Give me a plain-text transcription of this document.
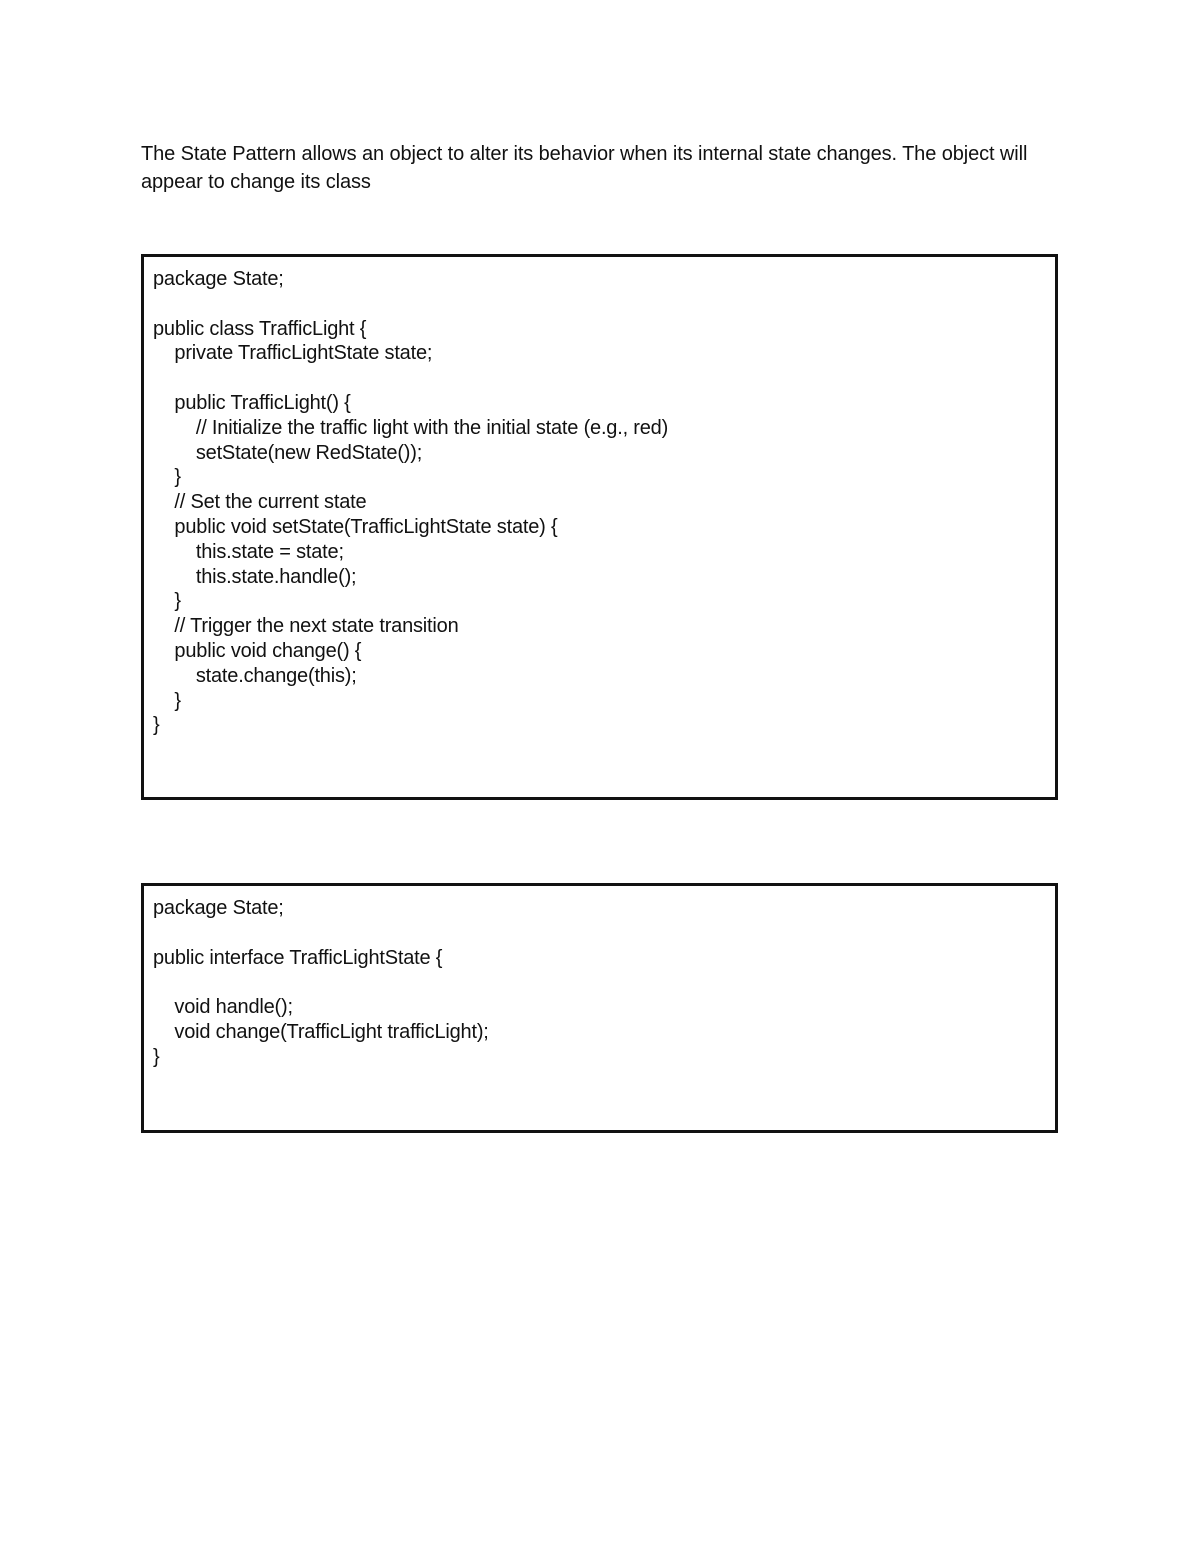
The State Pattern allows an object to alter its behavior when its internal state changes. The object will appear to change its class

package State;
public class TrafficLight {
private TrafficLightState state;
public TrafficLight() {
// Initialize the traffic light with the initial state (e.g., red)
setState(new RedState());
}
// Set the current state
public void setState(TrafficLightState state) {
this.state = state;
this.state.handle();
}
// Trigger the next state transition
public void change() {
state.change(this);
}
}
package State;
public interface TrafficLightState {
void handle();
void change(TrafficLight trafficLight);
}
